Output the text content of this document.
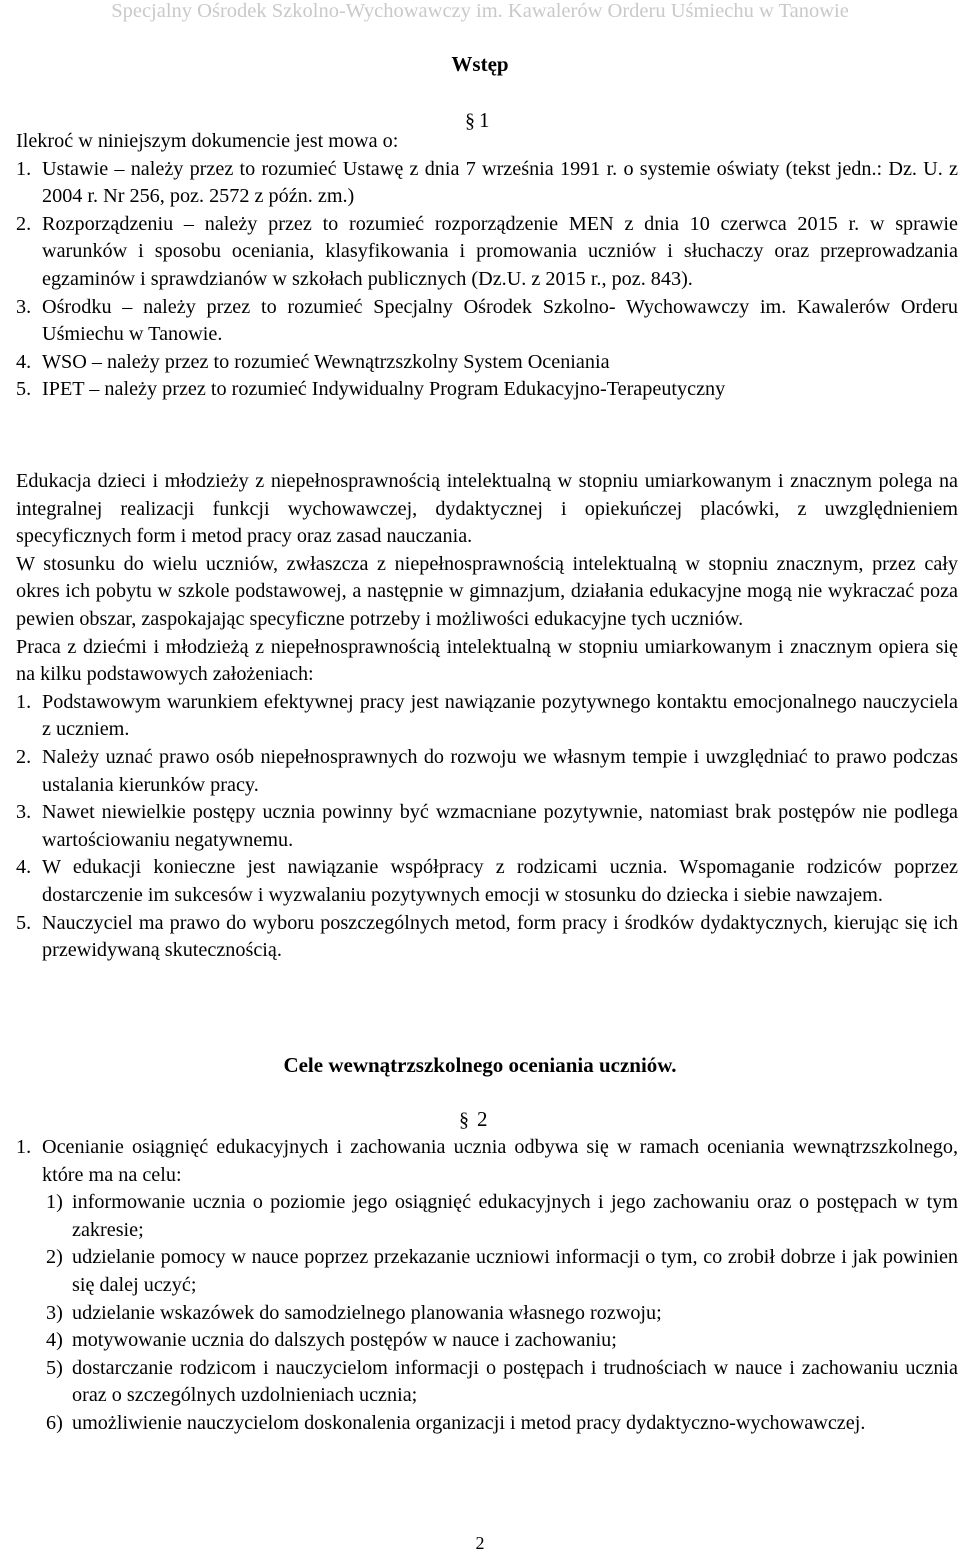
Specjalny Ośrodek Szkolno-Wychowawczy im. Kawalerów Orderu Uśmiechu w Tanowie
Wstęp
§ 1

Ilekroć w niniejszym dokumencie jest mowa o:

1. Ustawie – należy przez to rozumieć Ustawę z dnia 7 września 1991 r. o systemie oświaty (tekst jedn.: Dz. U. z 2004 r. Nr 256, poz. 2572 z późn. zm.)
2. Rozporządzeniu – należy przez to rozumieć rozporządzenie MEN z dnia 10 czerwca 2015 r. w sprawie warunków i sposobu oceniania, klasyfikowania i promowania uczniów i słuchaczy oraz przeprowadzania egzaminów i sprawdzianów w szkołach publicznych (Dz.U. z 2015 r., poz. 843).
3. Ośrodku – należy przez to rozumieć Specjalny Ośrodek Szkolno- Wychowawczy im. Kawalerów Orderu Uśmiechu w Tanowie.
4. WSO – należy przez to rozumieć Wewnątrzszkolny System Oceniania
5. IPET – należy przez to rozumieć Indywidualny Program Edukacyjno-Terapeutyczny

Edukacja dzieci i młodzieży z niepełnosprawnością intelektualną w stopniu umiarkowanym i znacznym polega na integralnej realizacji funkcji wychowawczej, dydaktycznej i opiekuńczej placówki, z uwzględnieniem specyficznych form i metod pracy oraz zasad nauczania.

W stosunku do wielu uczniów, zwłaszcza z niepełnosprawnością intelektualną w stopniu znacznym, przez cały okres ich pobytu w szkole podstawowej, a następnie w gimnazjum, działania edukacyjne mogą nie wykraczać poza pewien obszar, zaspokajając specyficzne potrzeby i możliwości edukacyjne tych uczniów.

Praca z dziećmi i młodzieżą z niepełnosprawnością intelektualną w stopniu umiarkowanym i znacznym opiera się na kilku podstawowych założeniach:

1. Podstawowym warunkiem efektywnej pracy jest nawiązanie pozytywnego kontaktu emocjonalnego nauczyciela z uczniem.
2. Należy uznać prawo osób niepełnosprawnych do rozwoju we własnym tempie i uwzględniać to prawo podczas ustalania kierunków pracy.
3. Nawet niewielkie postępy ucznia powinny być wzmacniane pozytywnie, natomiast brak postępów nie podlega wartościowaniu negatywnemu.
4. W edukacji konieczne jest nawiązanie współpracy z rodzicami ucznia. Wspomaganie rodziców poprzez dostarczenie im sukcesów i wyzwalaniu pozytywnych emocji w stosunku do dziecka i siebie nawzajem.
5. Nauczyciel ma prawo do wyboru poszczególnych metod, form pracy i środków dydaktycznych, kierując się ich przewidywaną skutecznością.
Cele wewnątrzszkolnego oceniania uczniów.
§ 2
1. Ocenianie osiągnięć edukacyjnych i zachowania ucznia odbywa się w ramach oceniania wewnątrzszkolnego, które ma na celu:
1) informowanie ucznia o poziomie jego osiągnięć edukacyjnych i jego zachowaniu oraz o postępach w tym zakresie;
2) udzielanie pomocy w nauce poprzez przekazanie uczniowi informacji o tym, co zrobił dobrze i jak powinien się dalej uczyć;
3) udzielanie wskazówek do samodzielnego planowania własnego rozwoju;
4) motywowanie ucznia do dalszych postępów w nauce i zachowaniu;
5) dostarczanie rodzicom i nauczycielom informacji o postępach i trudnościach w nauce i zachowaniu ucznia oraz o szczególnych uzdolnieniach ucznia;
6) umożliwienie nauczycielom doskonalenia organizacji i metod pracy dydaktyczno-wychowawczej.
2
